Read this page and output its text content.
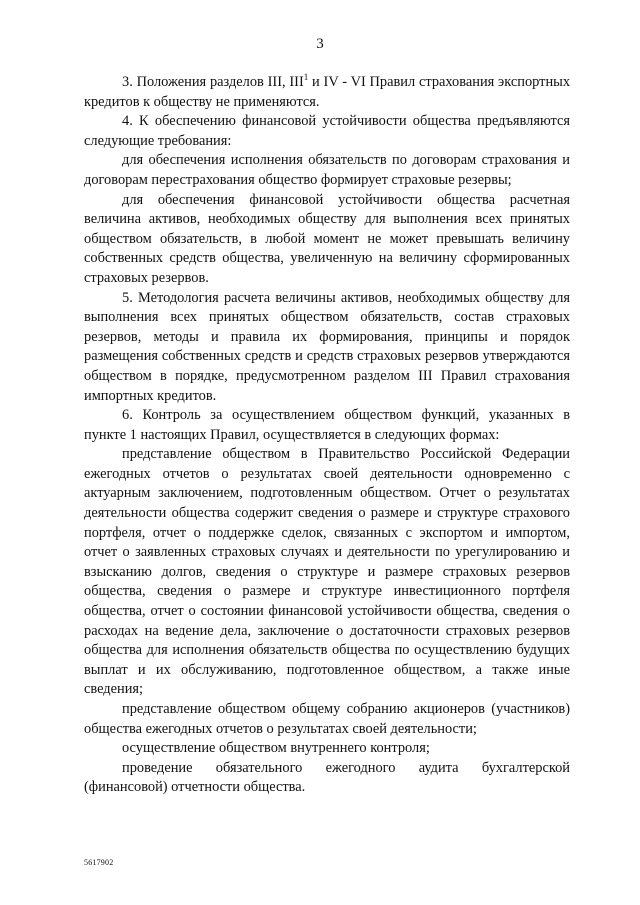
3

3. Положения разделов III, III$^1$ и IV - VI Правил страхования экспортных кредитов к обществу не применяются.

4. К обеспечению финансовой устойчивости общества предъявляются следующие требования:

для обеспечения исполнения обязательств по договорам страхования и договорам перестрахования общество формирует страховые резервы;

для обеспечения финансовой устойчивости общества расчетная величина активов, необходимых обществу для выполнения всех принятых обществом обязательств, в любой момент не может превышать величину собственных средств общества, увеличенную на величину сформированных страховых резервов.

5. Методология расчета величины активов, необходимых обществу для выполнения всех принятых обществом обязательств, состав страховых резервов, методы и правила их формирования, принципы и порядок размещения собственных средств и средств страховых резервов утверждаются обществом в порядке, предусмотренном разделом III Правил страхования импортных кредитов.

6. Контроль за осуществлением обществом функций, указанных в пункте 1 настоящих Правил, осуществляется в следующих формах:

представление обществом в Правительство Российской Федерации ежегодных отчетов о результатах своей деятельности одновременно с актуарным заключением, подготовленным обществом. Отчет о результатах деятельности общества содержит сведения о размере и структуре страхового портфеля, отчет о поддержке сделок, связанных с экспортом и импортом, отчет о заявленных страховых случаях и деятельности по урегулированию и взысканию долгов, сведения о структуре и размере страховых резервов общества, сведения о размере и структуре инвестиционного портфеля общества, отчет о состоянии финансовой устойчивости общества, сведения о расходах на ведение дела, заключение о достаточности страховых резервов общества для исполнения обязательств общества по осуществлению будущих выплат и их обслуживанию, подготовленное обществом, а также иные сведения;

представление обществом общему собранию акционеров (участников) общества ежегодных отчетов о результатах своей деятельности;

осуществление обществом внутреннего контроля;

проведение обязательного ежегодного аудита бухгалтерской (финансовой) отчетности общества.

5617902
